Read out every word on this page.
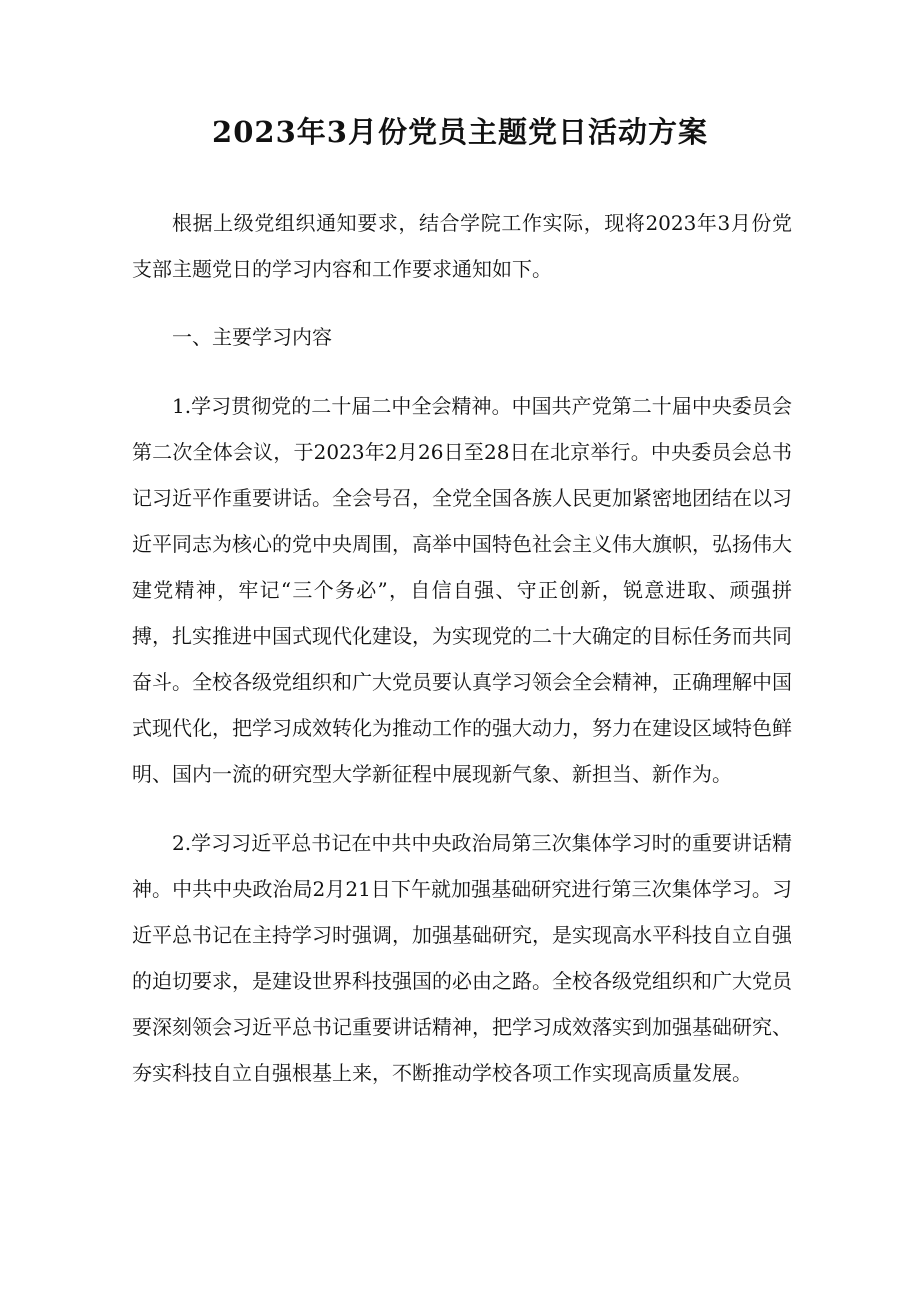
2023年3月份党员主题党日活动方案

根据上级党组织通知要求，结合学院工作实际，现将2023年3月份党支部主题党日的学习内容和工作要求通知如下。

一、主要学习内容

1.学习贯彻党的二十届二中全会精神。中国共产党第二十届中央委员会第二次全体会议，于2023年2月26日至28日在北京举行。中央委员会总书记习近平作重要讲话。全会号召，全党全国各族人民更加紧密地团结在以习近平同志为核心的党中央周围，高举中国特色社会主义伟大旗帜，弘扬伟大建党精神，牢记“三个务必”，自信自强、守正创新，锐意进取、顽强拼搏，扎实推进中国式现代化建设，为实现党的二十大确定的目标任务而共同奋斗。全校各级党组织和广大党员要认真学习领会全会精神，正确理解中国式现代化，把学习成效转化为推动工作的强大动力，努力在建设区域特色鲜明、国内一流的研究型大学新征程中展现新气象、新担当、新作为。

2.学习习近平总书记在中共中央政治局第三次集体学习时的重要讲话精神。中共中央政治局2月21日下午就加强基础研究进行第三次集体学习。习近平总书记在主持学习时强调，加强基础研究，是实现高水平科技自立自强的迫切要求，是建设世界科技强国的必由之路。全校各级党组织和广大党员要深刻领会习近平总书记重要讲话精神，把学习成效落实到加强基础研究、夯实科技自立自强根基上来，不断推动学校各项工作实现高质量发展。
